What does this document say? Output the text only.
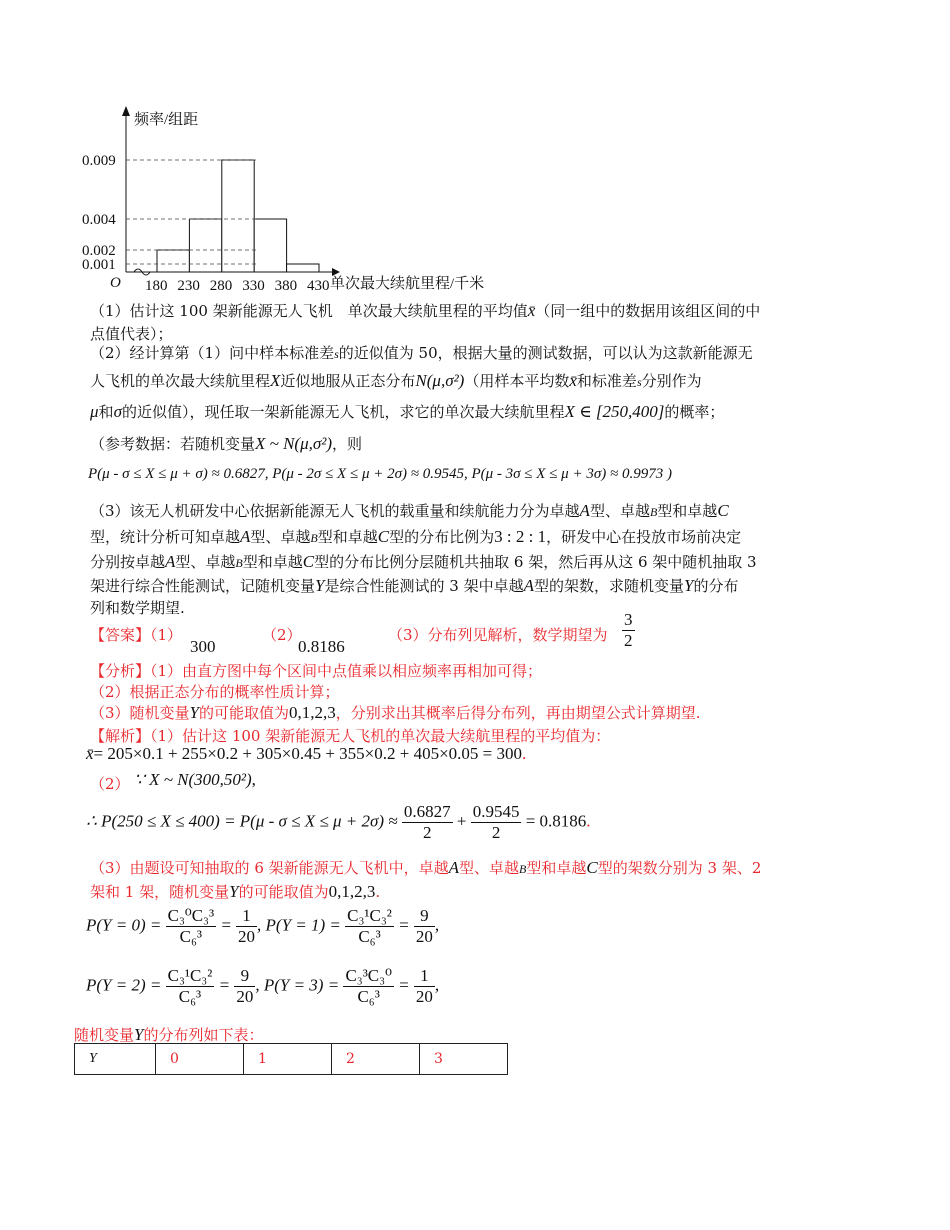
频率/组距
单次最大续航里程/千米
O
0.009
0.004
0.002
0.001
180 230 280 330 380 430
（1）估计这 100 架新能源无人飞机　单次最大续航里程的平均值x̄（同一组中的数据用该组区间的中
点值代表）；
（2）经计算第（1）问中样本标准差s的近似值为 50，根据大量的测试数据，可以认为这款新能源无
人飞机的单次最大续航里程X近似地服从正态分布N(μ,σ²)（用样本平均数x̄和标准差s分别作为
μ和σ的近似值），现任取一架新能源无人飞机，求它的单次最大续航里程X ∈ [250,400]的概率；
（参考数据：若随机变量X ~ N(μ,σ²)，则
P(μ - σ ≤ X ≤ μ + σ) ≈ 0.6827, P(μ - 2σ ≤ X ≤ μ + 2σ) ≈ 0.9545, P(μ - 3σ ≤ X ≤ μ + 3σ) ≈ 0.9973 )
（3）该无人机研发中心依据新能源无人飞机的载重量和续航能力分为卓越A型、卓越B型和卓越C
型，统计分析可知卓越A型、卓越B型和卓越C型的分布比例为3 : 2 : 1，研发中心在投放市场前决定
分别按卓越A型、卓越B型和卓越C型的分布比例分层随机共抽取 6 架，然后再从这 6 架中随机抽取 3
架进行综合性能测试，记随机变量Y是综合性能测试的 3 架中卓越A型的架数，求随机变量Y的分布
列和数学期望.
【答案】（1）
300
（2）
0.8186
（3）分布列见解析，数学期望为 $\frac{3}{2}$
【分析】（1）由直方图中每个区间中点值乘以相应频率再相加可得；
（2）根据正态分布的概率性质计算；
（3）随机变量Y的可能取值为0,1,2,3，分别求出其概率后得分布列，再由期望公式计算期望.
【解析】（1）估计这 100 架新能源无人飞机的单次最大续航里程的平均值为：
x̄= 205×0.1 + 255×0.2 + 305×0.45 + 355×0.2 + 405×0.05 = 300.
（2） ∵ X ~ N(300,50²),
∴ $P(250 \le X \le 400) = P(\mu - \sigma \le X \le \mu + 2\sigma) \approx \frac{0.6827}{2} + \frac{0.9545}{2} = 0.8186$.
（3）由题设可知抽取的 6 架新能源无人飞机中，卓越A型、卓越B型和卓越C型的架数分别为 3 架、2
架和 1 架，随机变量Y的可能取值为0,1,2,3.
$P(Y = 0) = \frac{\text{C₃⁰C₃³}}{\text{C₆³}} = \frac{1}{20}$ , $P(Y = 1) = \frac{\text{C₃¹C₃²}}{\text{C₆³}} = \frac{9}{20}$ ,
$P(Y = 2) = \frac{\text{C₃¹C₃²}}{\text{C₆³}} = \frac{9}{20}$ , $P(Y = 3) = \frac{\text{C₃³C₃⁰}}{\text{C₆³}} = \frac{1}{20}$ ,
随机变量Y的分布列如下表：
Y	0	1	2	3
